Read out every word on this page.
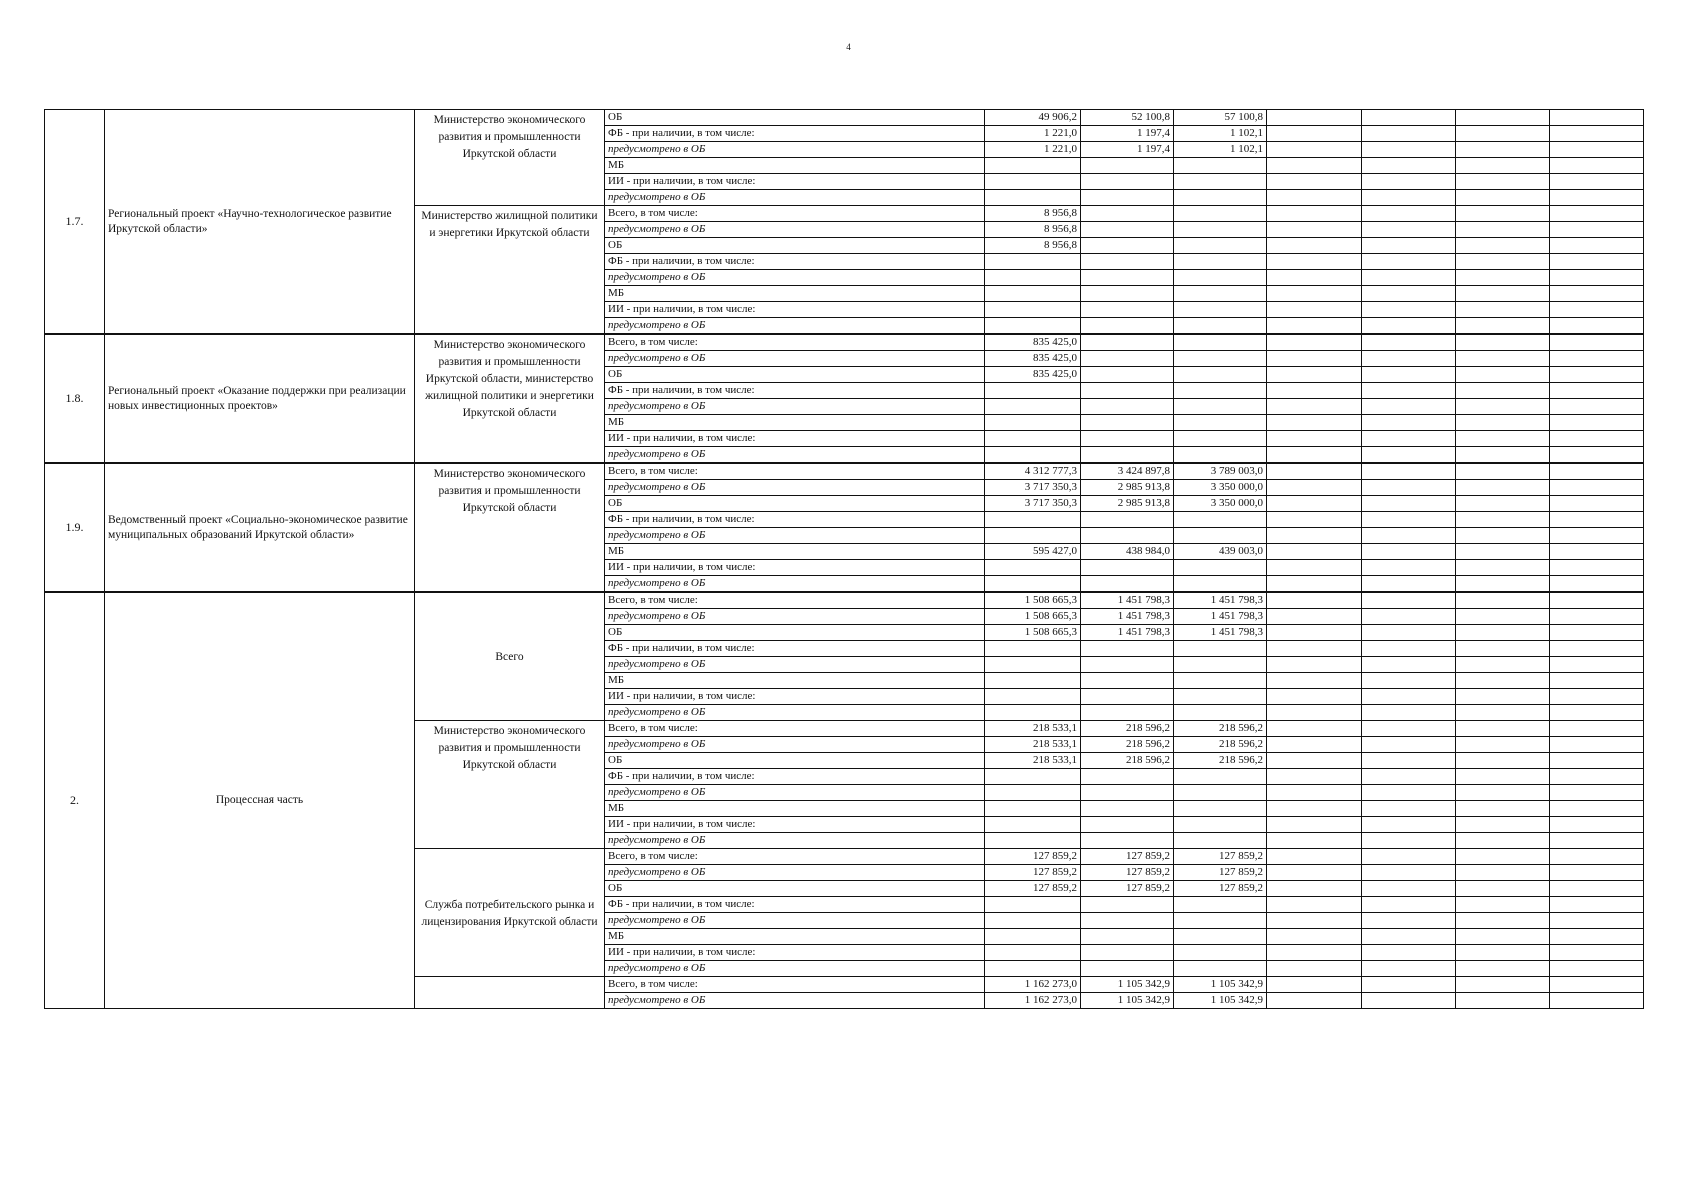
4
1.7.	Региональный проект «Научно-технологическое развитие Иркутской области»	Министерство экономического развития и промышленности Иркутской области	ОБ	49 906,2	52 100,8	57 100,8				
			ФБ - при наличии, в том числе:	1 221,0	1 197,4	1 102,1				
			предусмотрено в ОБ	1 221,0	1 197,4	1 102,1				
			МБ							
			ИИ - при наличии, в том числе:							
			предусмотрено в ОБ							
		Министерство жилищной политики и энергетики Иркутской области	Всего, в том числе:	8 956,8						
			предусмотрено в ОБ	8 956,8						
			ОБ	8 956,8						
			ФБ - при наличии, в том числе:							
			предусмотрено в ОБ							
			МБ							
			ИИ - при наличии, в том числе:							
			предусмотрено в ОБ							
1.8.	Региональный проект «Оказание поддержки при реализации новых инвестиционных проектов»	Министерство экономического развития и промышленности Иркутской области, министерство жилищной политики и энергетики Иркутской области	Всего, в том числе:	835 425,0						
			предусмотрено в ОБ	835 425,0						
			ОБ	835 425,0						
			ФБ - при наличии, в том числе:							
			предусмотрено в ОБ							
			МБ							
			ИИ - при наличии, в том числе:							
			предусмотрено в ОБ							
1.9.	Ведомственный проект «Социально-экономическое развитие муниципальных образований Иркутской области»	Министерство экономического развития и промышленности Иркутской области	Всего, в том числе:	4 312 777,3	3 424 897,8	3 789 003,0				
			предусмотрено в ОБ	3 717 350,3	2 985 913,8	3 350 000,0				
			ОБ	3 717 350,3	2 985 913,8	3 350 000,0				
			ФБ - при наличии, в том числе:							
			предусмотрено в ОБ							
			МБ	595 427,0	438 984,0	439 003,0				
			ИИ - при наличии, в том числе:							
			предусмотрено в ОБ							
2.	Процессная часть	Всего	Всего, в том числе:	1 508 665,3	1 451 798,3	1 451 798,3				
			предусмотрено в ОБ	1 508 665,3	1 451 798,3	1 451 798,3				
			ОБ	1 508 665,3	1 451 798,3	1 451 798,3				
			ФБ - при наличии, в том числе:							
			предусмотрено в ОБ							
			МБ							
			ИИ - при наличии, в том числе:							
			предусмотрено в ОБ							
		Министерство экономического развития и промышленности Иркутской области	Всего, в том числе:	218 533,1	218 596,2	218 596,2				
			предусмотрено в ОБ	218 533,1	218 596,2	218 596,2				
			ОБ	218 533,1	218 596,2	218 596,2				
			ФБ - при наличии, в том числе:							
			предусмотрено в ОБ							
			МБ							
			ИИ - при наличии, в том числе:							
			предусмотрено в ОБ							
		Служба потребительского рынка и лицензирования Иркутской области	Всего, в том числе:	127 859,2	127 859,2	127 859,2				
			предусмотрено в ОБ	127 859,2	127 859,2	127 859,2				
			ОБ	127 859,2	127 859,2	127 859,2				
			ФБ - при наличии, в том числе:							
			предусмотрено в ОБ							
			МБ							
			ИИ - при наличии, в том числе:							
			предусмотрено в ОБ							
			Всего, в том числе:	1 162 273,0	1 105 342,9	1 105 342,9				
			предусмотрено в ОБ	1 162 273,0	1 105 342,9	1 105 342,9				
